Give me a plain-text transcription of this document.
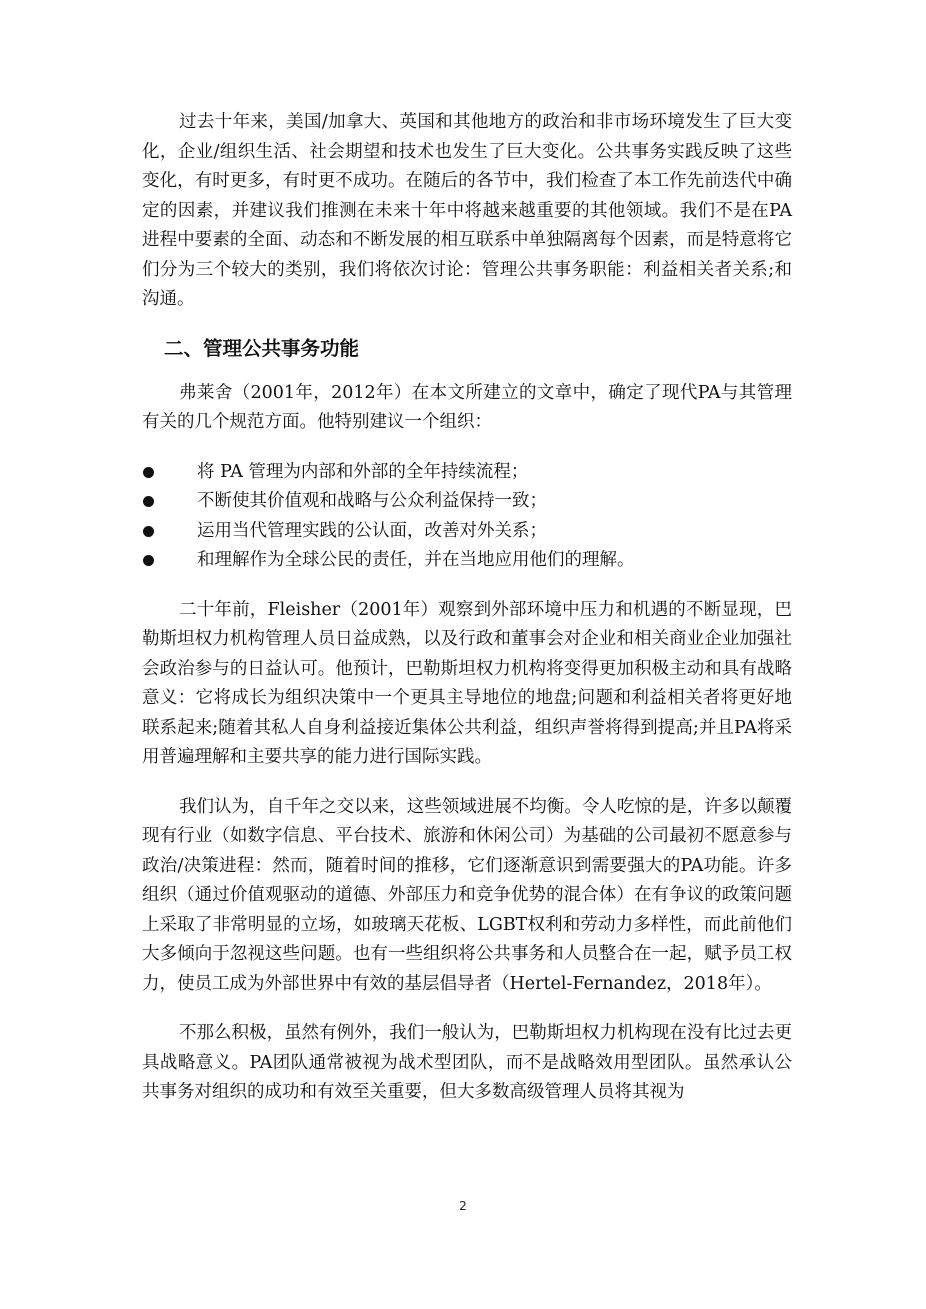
过去十年来，美国/加拿大、英国和其他地方的政治和非市场环境发生了巨大变化，企业/组织生活、社会期望和技术也发生了巨大变化。公共事务实践反映了这些变化，有时更多，有时更不成功。在随后的各节中，我们检查了本工作先前迭代中确定的因素，并建议我们推测在未来十年中将越来越重要的其他领域。我们不是在PA进程中要素的全面、动态和不断发展的相互联系中单独隔离每个因素，而是特意将它们分为三个较大的类别，我们将依次讨论：管理公共事务职能：利益相关者关系;和沟通。

二、管理公共事务功能

弗莱舍（2001年，2012年）在本文所建立的文章中，确定了现代PA与其管理有关的几个规范方面。他特别建议一个组织：

将 PA 管理为内部和外部的全年持续流程；
不断使其价值观和战略与公众利益保持一致；
运用当代管理实践的公认面，改善对外关系；
和理解作为全球公民的责任，并在当地应用他们的理解。

二十年前，Fleisher（2001年）观察到外部环境中压力和机遇的不断显现，巴勒斯坦权力机构管理人员日益成熟，以及行政和董事会对企业和相关商业企业加强社会政治参与的日益认可。他预计，巴勒斯坦权力机构将变得更加积极主动和具有战略意义：它将成长为组织决策中一个更具主导地位的地盘;问题和利益相关者将更好地联系起来;随着其私人自身利益接近集体公共利益，组织声誉将得到提高;并且PA将采用普遍理解和主要共享的能力进行国际实践。

我们认为，自千年之交以来，这些领域进展不均衡。令人吃惊的是，许多以颠覆现有行业（如数字信息、平台技术、旅游和休闲公司）为基础的公司最初不愿意参与政治/决策进程：然而，随着时间的推移，它们逐渐意识到需要强大的PA功能。许多组织（通过价值观驱动的道德、外部压力和竞争优势的混合体）在有争议的政策问题上采取了非常明显的立场，如玻璃天花板、LGBT权利和劳动力多样性，而此前他们大多倾向于忽视这些问题。也有一些组织将公共事务和人员整合在一起，赋予员工权力，使员工成为外部世界中有效的基层倡导者（Hertel-Fernandez，2018年）。

不那么积极，虽然有例外，我们一般认为，巴勒斯坦权力机构现在没有比过去更具战略意义。PA团队通常被视为战术型团队，而不是战略效用型团队。虽然承认公共事务对组织的成功和有效至关重要，但大多数高级管理人员将其视为

2
